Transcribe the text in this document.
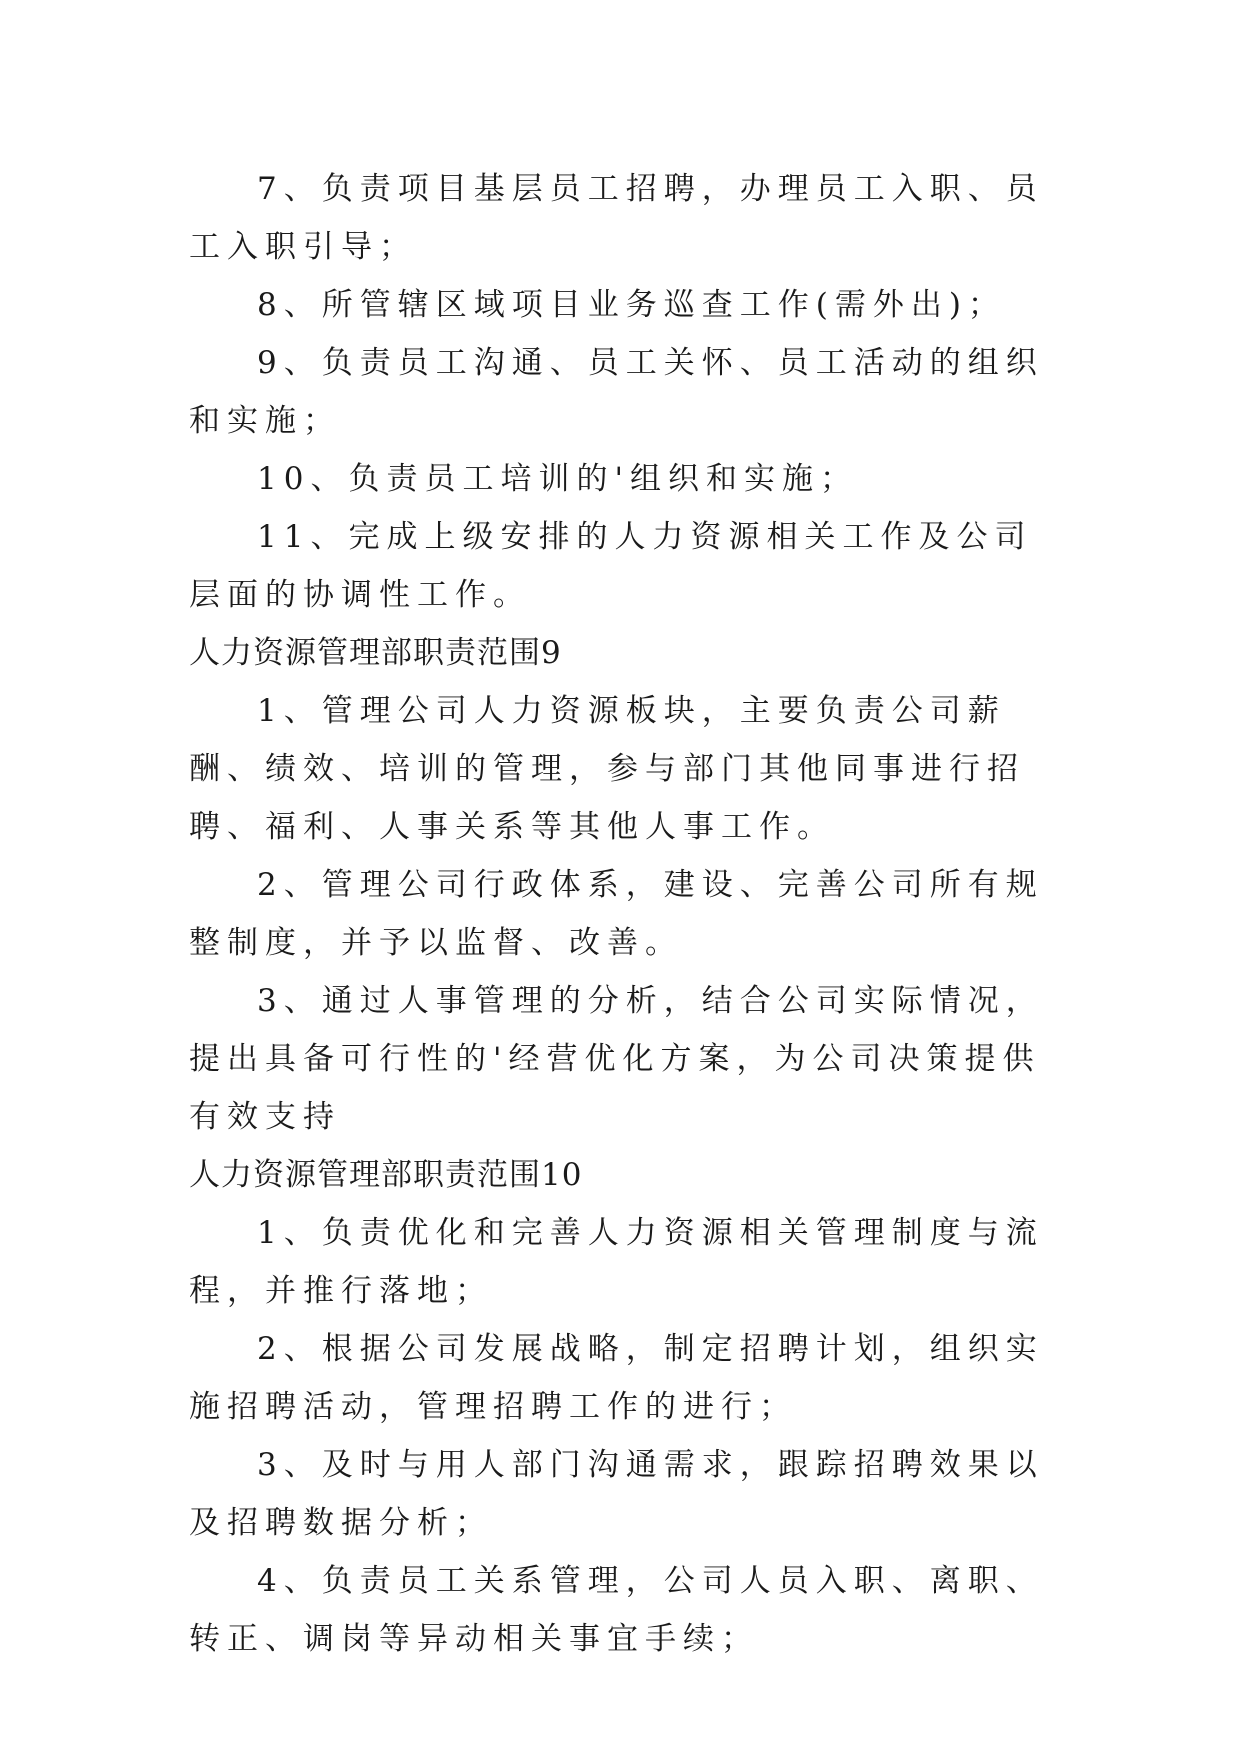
7、负责项目基层员工招聘，办理员工入职、员工入职引导；

8、所管辖区域项目业务巡查工作(需外出)；

9、负责员工沟通、员工关怀、员工活动的组织和实施；

10、负责员工培训的'组织和实施；

11、完成上级安排的人力资源相关工作及公司层面的协调性工作。

人力资源管理部职责范围9

1、管理公司人力资源板块，主要负责公司薪酬、绩效、培训的管理，参与部门其他同事进行招聘、福利、人事关系等其他人事工作。

2、管理公司行政体系，建设、完善公司所有规整制度，并予以监督、改善。

3、通过人事管理的分析，结合公司实际情况，提出具备可行性的'经营优化方案，为公司决策提供有效支持

人力资源管理部职责范围10

1、负责优化和完善人力资源相关管理制度与流程，并推行落地；

2、根据公司发展战略，制定招聘计划，组织实施招聘活动，管理招聘工作的进行；

3、及时与用人部门沟通需求，跟踪招聘效果以及招聘数据分析；

4、负责员工关系管理，公司人员入职、离职、转正、调岗等异动相关事宜手续；
